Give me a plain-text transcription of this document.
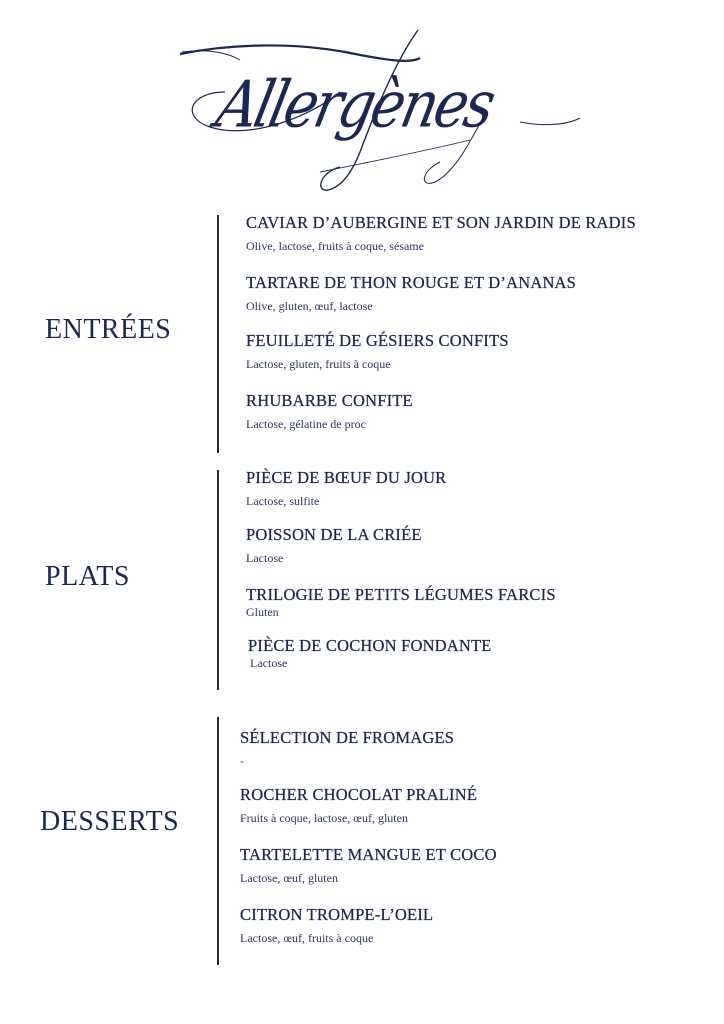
Allergènes
ENTRÉES
CAVIAR D’AUBERGINE ET SON JARDIN DE RADIS
Olive, lactose, fruits à coque, sésame
TARTARE DE THON ROUGE ET D’ANANAS
Olive, gluten, œuf, lactose
FEUILLETÉ DE GÉSIERS CONFITS
Lactose, gluten, fruits à coque
RHUBARBE CONFITE
Lactose, gélatine de proc
PLATS
PIÈCE DE BŒUF DU JOUR
Lactose, sulfite
POISSON DE LA CRIÉE
Lactose
TRILOGIE DE PETITS LÉGUMES FARCIS
Gluten
PIÈCE DE COCHON FONDANTE
Lactose
DESSERTS
SÉLECTION DE FROMAGES
-
ROCHER CHOCOLAT PRALINÉ
Fruits à coque, lactose, œuf, gluten
TARTELETTE MANGUE ET COCO
Lactose, œuf, gluten
CITRON TROMPE-L’OEIL
Lactose, œuf, fruits à coque
